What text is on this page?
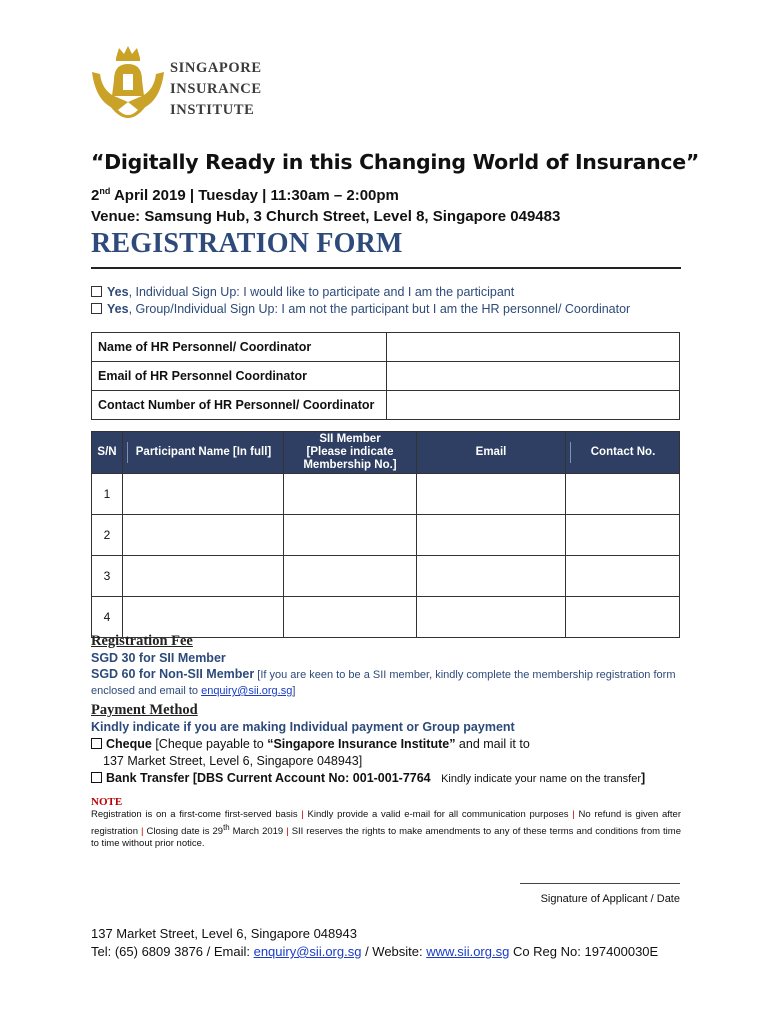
SINGAPORE
INSURANCE
INSTITUTE
“Digitally Ready in this Changing World of Insurance”
2nd April 2019 | Tuesday | 11:30am – 2:00pm
Venue: Samsung Hub, 3 Church Street, Level 8, Singapore 049483
REGISTRATION FORM
Yes, Individual Sign Up: I would like to participate and I am the participant
Yes, Group/Individual Sign Up: I am not the participant but I am the HR personnel/ Coordinator
Name of HR Personnel/ Coordinator	
Email of HR Personnel Coordinator	
Contact Number of HR Personnel/ Coordinator	
S/N	Participant Name [In full]	SII Member
[Please indicate
Membership No.]	Email	Contact No.

1				
2				
3				
4				
Registration Fee
SGD 30 for SII Member
SGD 60 for Non-SII Member [If you are keen to be a SII member, kindly complete the membership registration form enclosed and email to enquiry@sii.org.sg]
Payment Method
Kindly indicate if you are making Individual payment or Group payment
Cheque [Cheque payable to “Singapore Insurance Institute” and mail it to
137 Market Street, Level 6, Singapore 048943]
Bank Transfer [DBS Current Account No: 001-001-7764 Kindly indicate your name on the transfer]
NOTE
Registration is on a first-come first-served basis | Kindly provide a valid e-mail for all communication purposes | No refund is given after registration | Closing date is 29th March 2019 | SII reserves the rights to make amendments to any of these terms and conditions from time to time without prior notice.
Signature of Applicant / Date
137 Market Street, Level 6, Singapore 048943
Tel: (65) 6809 3876 / Email: enquiry@sii.org.sg / Website: www.sii.org.sg Co Reg No: 197400030E
